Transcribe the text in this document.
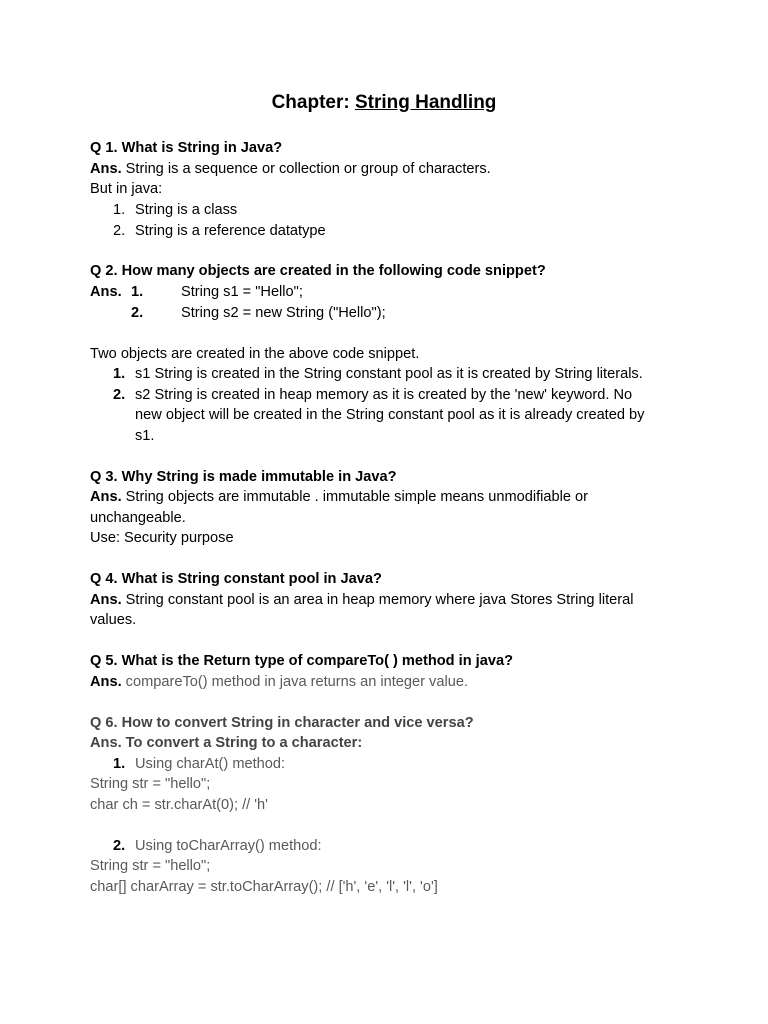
Chapter: String Handling
Q 1. What is String in Java?
Ans. String is a sequence or collection or group of characters.
But in java:
1. String is a class
2. String is a reference datatype
Q 2. How many objects are created in the following code snippet?
Ans. 1.	String s1 = "Hello";
2.	String s2 = new String ("Hello");
Two objects are created in the above code snippet.
1. s1 String is created in the String constant pool as it is created by String literals.
2. s2 String is created in heap memory as it is created by the 'new' keyword. No
new object will be created in the String constant pool as it is already created by
s1.
Q 3. Why String is made immutable in Java?
Ans. String objects are immutable . immutable simple means unmodifiable or
unchangeable.
Use: Security purpose
Q 4. What is String constant pool in Java?
Ans. String constant pool is an area in heap memory where java Stores String literal
values.
Q 5. What is the Return type of compareTo( ) method in java?
Ans. compareTo() method in java returns an integer value.
Q 6. How to convert String in character and vice versa?
Ans. To convert a String to a character:
1. Using charAt() method:
String str = "hello";
char ch = str.charAt(0); // 'h'
2. Using toCharArray() method:
String str = "hello";
char[] charArray = str.toCharArray(); // ['h', 'e', 'l', 'l', 'o']
